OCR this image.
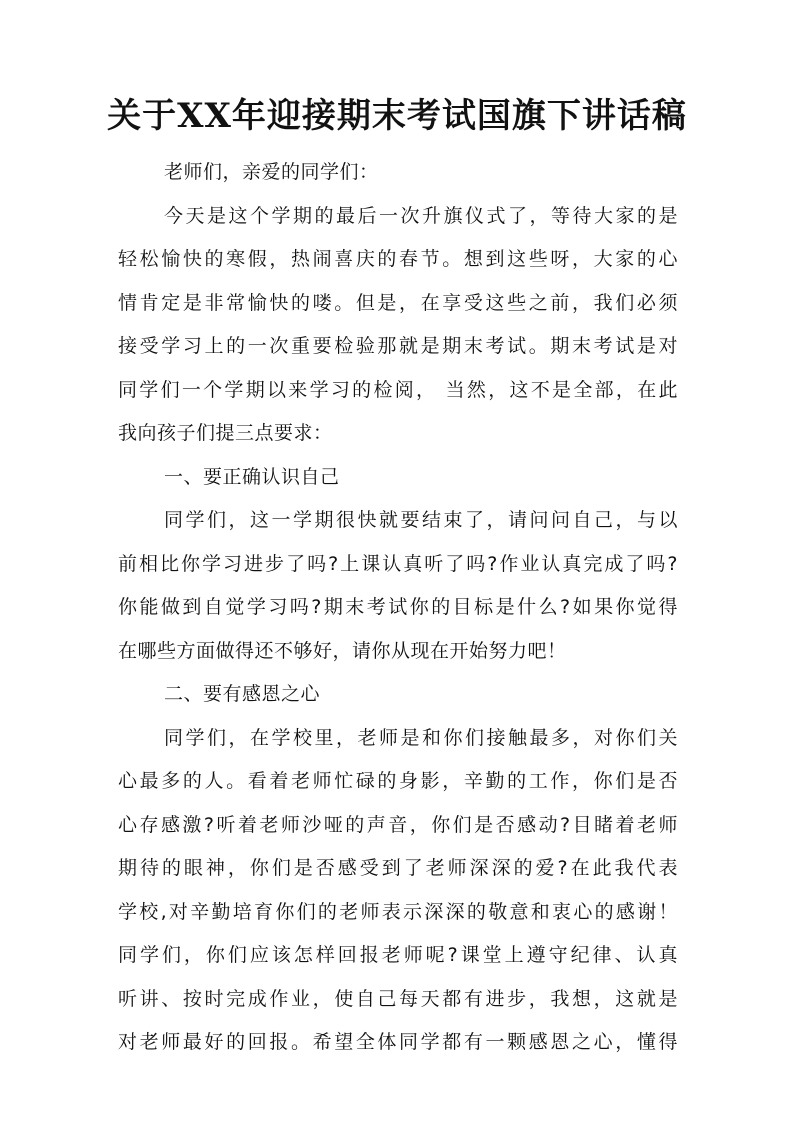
关于XX年迎接期末考试国旗下讲话稿
老师们，亲爱的同学们：
今天是这个学期的最后一次升旗仪式了，等待大家的是
轻松愉快的寒假，热闹喜庆的春节。想到这些呀，大家的心
情肯定是非常愉快的喽。但是，在享受这些之前，我们必须
接受学习上的一次重要检验那就是期末考试。期末考试是对
同学们一个学期以来学习的检阅， 当然，这不是全部，在此
我向孩子们提三点要求：
一、要正确认识自己
同学们，这一学期很快就要结束了，请问问自己，与以
前相比你学习进步了吗?上课认真听了吗?作业认真完成了吗?
你能做到自觉学习吗?期末考试你的目标是什么?如果你觉得
在哪些方面做得还不够好，请你从现在开始努力吧！
二、要有感恩之心
同学们，在学校里，老师是和你们接触最多，对你们关
心最多的人。看着老师忙碌的身影，辛勤的工作，你们是否
心存感激?听着老师沙哑的声音，你们是否感动?目睹着老师
期待的眼神，你们是否感受到了老师深深的爱?在此我代表
学校,对辛勤培育你们的老师表示深深的敬意和衷心的感谢！
同学们，你们应该怎样回报老师呢?课堂上遵守纪律、认真
听讲、按时完成作业，使自己每天都有进步，我想，这就是
对老师最好的回报。希望全体同学都有一颗感恩之心，懂得
